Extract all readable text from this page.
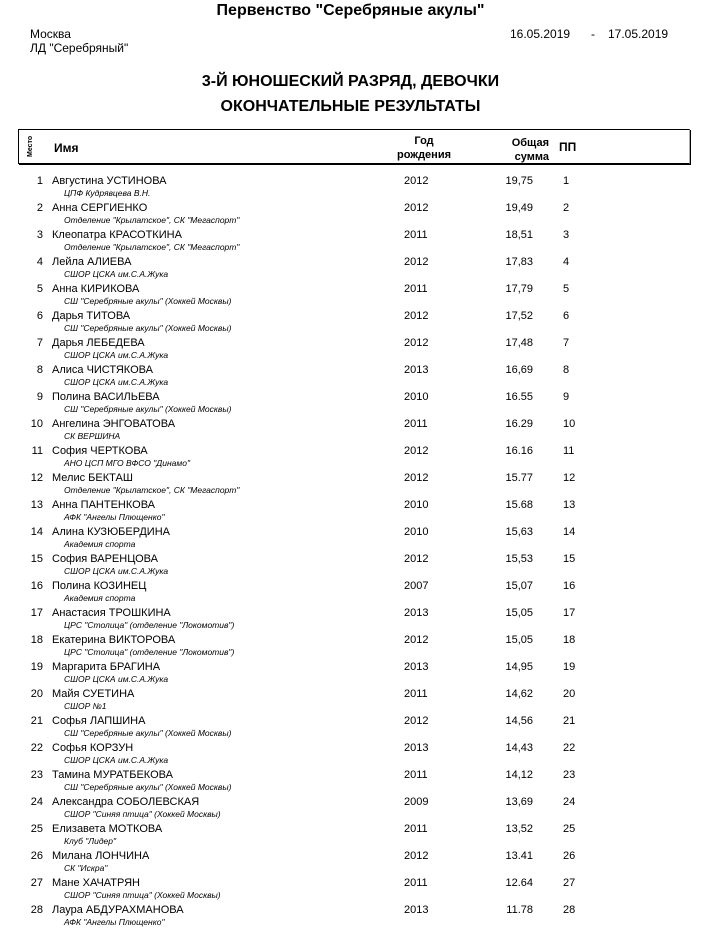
Первенство "Серебряные акулы"
Москва
ЛД "Серебряный"
16.05.2019 - 17.05.2019
3-Й ЮНОШЕСКИЙ РАЗРЯД, ДЕВОЧКИ
ОКОНЧАТЕЛЬНЫЕ РЕЗУЛЬТАТЫ
Место	Имя	Год
рождения
Общая
сумма
ПП
1 Августина УСТИНОВА
ЦПФ Кудрявцева В.Н.
2012	19,75	1
2 Анна СЕРГИЕНКО
Отделение "Крылатское", СК "Мегаспорт"
2012	19,49	2
3 Клеопатра КРАСОТКИНА
Отделение "Крылатское", СК "Мегаспорт"
2011	18,51	3
4 Лейла АЛИЕВА
СШОР ЦСКА им.С.А.Жука
2012	17,83	4
5 Анна КИРИКОВА
СШ "Серебряные акулы" (Хоккей Москвы)
2011	17,79	5
6 Дарья ТИТОВА
СШ "Серебряные акулы" (Хоккей Москвы)
2012	17,52	6
7 Дарья ЛЕБЕДЕВА
СШОР ЦСКА им.С.А.Жука
2012	17,48	7
8 Алиса ЧИСТЯКОВА
СШОР ЦСКА им.С.А.Жука
2013	16,69	8
9 Полина ВАСИЛЬЕВА
СШ "Серебряные акулы" (Хоккей Москвы)
2010	16.55	9
10 Ангелина ЭНГОВАТОВА
СК ВЕРШИНА
2011	16.29	10
11 София ЧЕРТКОВА
АНО ЦСП МГО ВФСО "Динамо"
2012	16.16	11
12 Мелис БЕКТАШ
Отделение "Крылатское", СК "Мегаспорт"
2012	15.77	12
13 Анна ПАНТЕНКОВА
АФК "Ангелы Плющенко"
2010	15.68	13
14 Алина КУЗЮБЕРДИНА
Академия спорта
2010	15,63	14
15 София ВАРЕНЦОВА
СШОР ЦСКА им.С.А.Жука
2012	15,53	15
16 Полина КОЗИНЕЦ
Академия спорта
2007	15,07	16
17 Анастасия ТРОШКИНА
ЦРС "Столица" (отделение "Локомотив")
2013	15,05	17
18 Екатерина ВИКТОРОВА
ЦРС "Столица" (отделение "Локомотив")
2012	15,05	18
19 Маргарита БРАГИНА
СШОР ЦСКА им.С.А.Жука
2013	14,95	19
20 Майя СУЕТИНА
СШОР №1
2011	14,62	20
21 Софья ЛАПШИНА
СШ "Серебряные акулы" (Хоккей Москвы)
2012	14,56	21
22 Софья КОРЗУН
СШОР ЦСКА им.С.А.Жука
2013	14,43	22
23 Тамина МУРАТБЕКОВА
СШ "Серебряные акулы" (Хоккей Москвы)
2011	14,12	23
24 Александра СОБОЛЕВСКАЯ
СШОР "Синяя птица" (Хоккей Москвы)
2009	13,69	24
25 Елизавета МОТКОВА
Клуб "Лидер"
2011	13,52	25
26 Милана ЛОНЧИНА
СК "Искра"
2012	13.41	26
27 Мане ХАЧАТРЯН
СШОР "Синяя птица" (Хоккей Москвы)
2011	12.64	27
28 Лаура АБДУРАХМАНОВА
АФК "Ангелы Плющенко"
2013	11.78	28
